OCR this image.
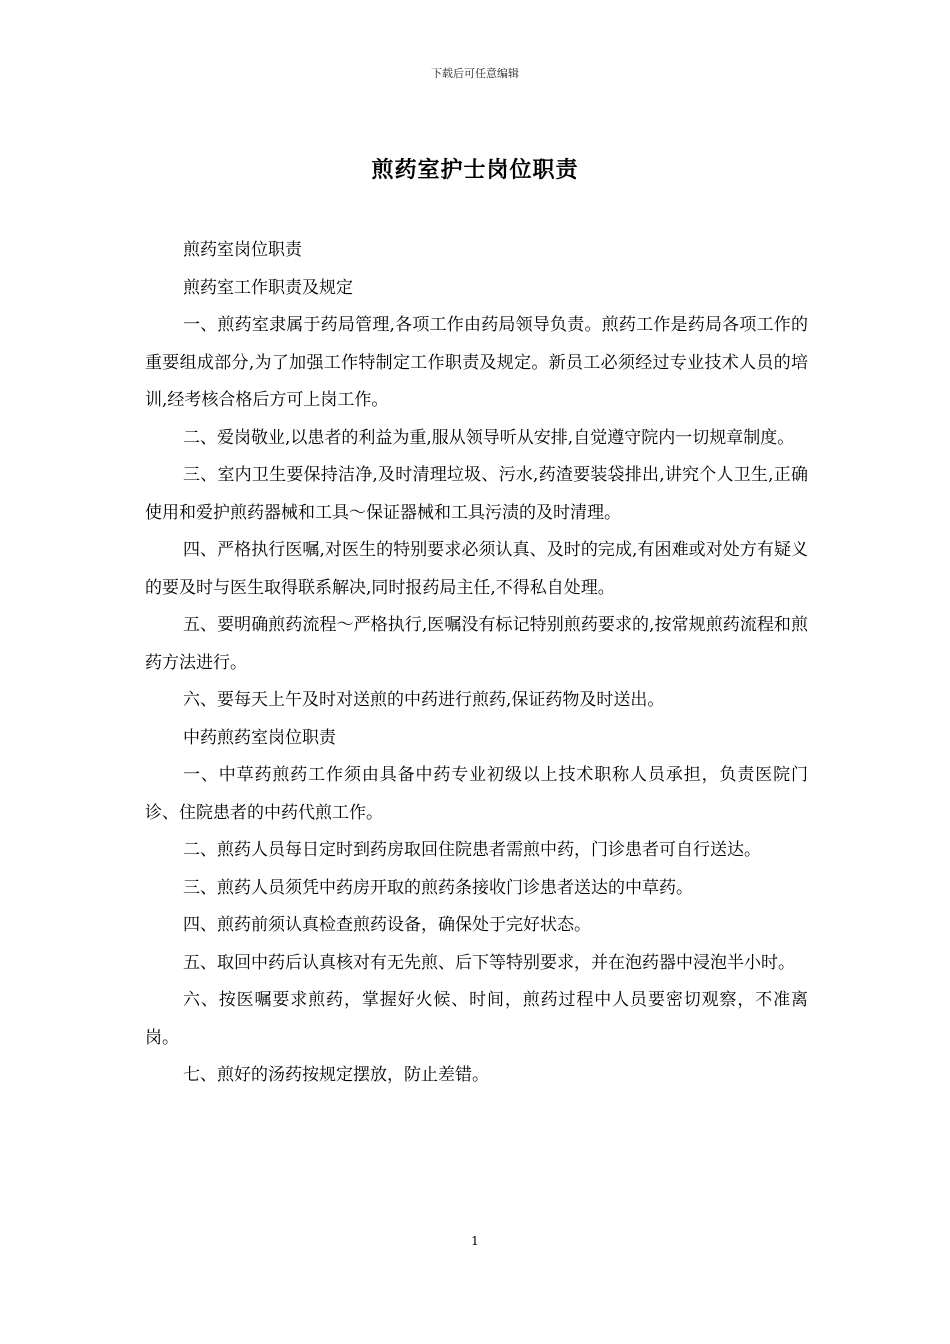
下载后可任意编辑
煎药室护士岗位职责

煎药室岗位职责

煎药室工作职责及规定

一、煎药室隶属于药局管理,各项工作由药局领导负责。煎药工作是药局各项工作的重要组成部分,为了加强工作特制定工作职责及规定。新员工必须经过专业技术人员的培训,经考核合格后方可上岗工作。

二、爱岗敬业,以患者的利益为重,服从领导听从安排,自觉遵守院内一切规章制度。

三、室内卫生要保持洁净,及时清理垃圾、污水,药渣要装袋排出,讲究个人卫生,正确使用和爱护煎药器械和工具～保证器械和工具污渍的及时清理。

四、严格执行医嘱,对医生的特别要求必须认真、及时的完成,有困难或对处方有疑义的要及时与医生取得联系解决,同时报药局主任,不得私自处理。

五、要明确煎药流程～严格执行,医嘱没有标记特别煎药要求的,按常规煎药流程和煎药方法进行。

六、要每天上午及时对送煎的中药进行煎药,保证药物及时送出。

中药煎药室岗位职责

一、中草药煎药工作须由具备中药专业初级以上技术职称人员承担，负责医院门诊、住院患者的中药代煎工作。

二、煎药人员每日定时到药房取回住院患者需煎中药，门诊患者可自行送达。

三、煎药人员须凭中药房开取的煎药条接收门诊患者送达的中草药。

四、煎药前须认真检查煎药设备，确保处于完好状态。

五、取回中药后认真核对有无先煎、后下等特别要求，并在泡药器中浸泡半小时。

六、按医嘱要求煎药，掌握好火候、时间，煎药过程中人员要密切观察，不准离岗。

七、煎好的汤药按规定摆放，防止差错。

1
